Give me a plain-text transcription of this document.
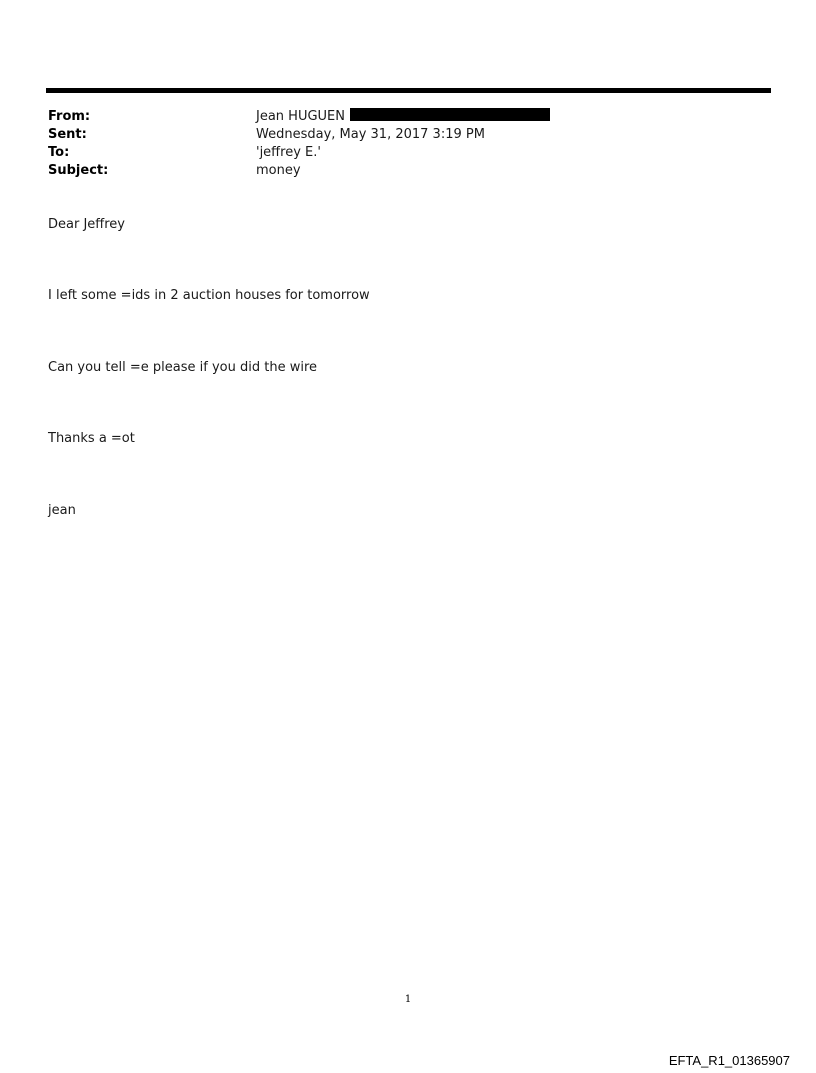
From:	Jean HUGUEN
Sent:	Wednesday, May 31, 2017 3:19 PM
To:	'jeffrey E.'
Subject:	money
Dear Jeffrey
I left some =ids in 2 auction houses for tomorrow
Can you tell =e please if you did the wire
Thanks a =ot
jean
1
EFTA_R1_01365907
